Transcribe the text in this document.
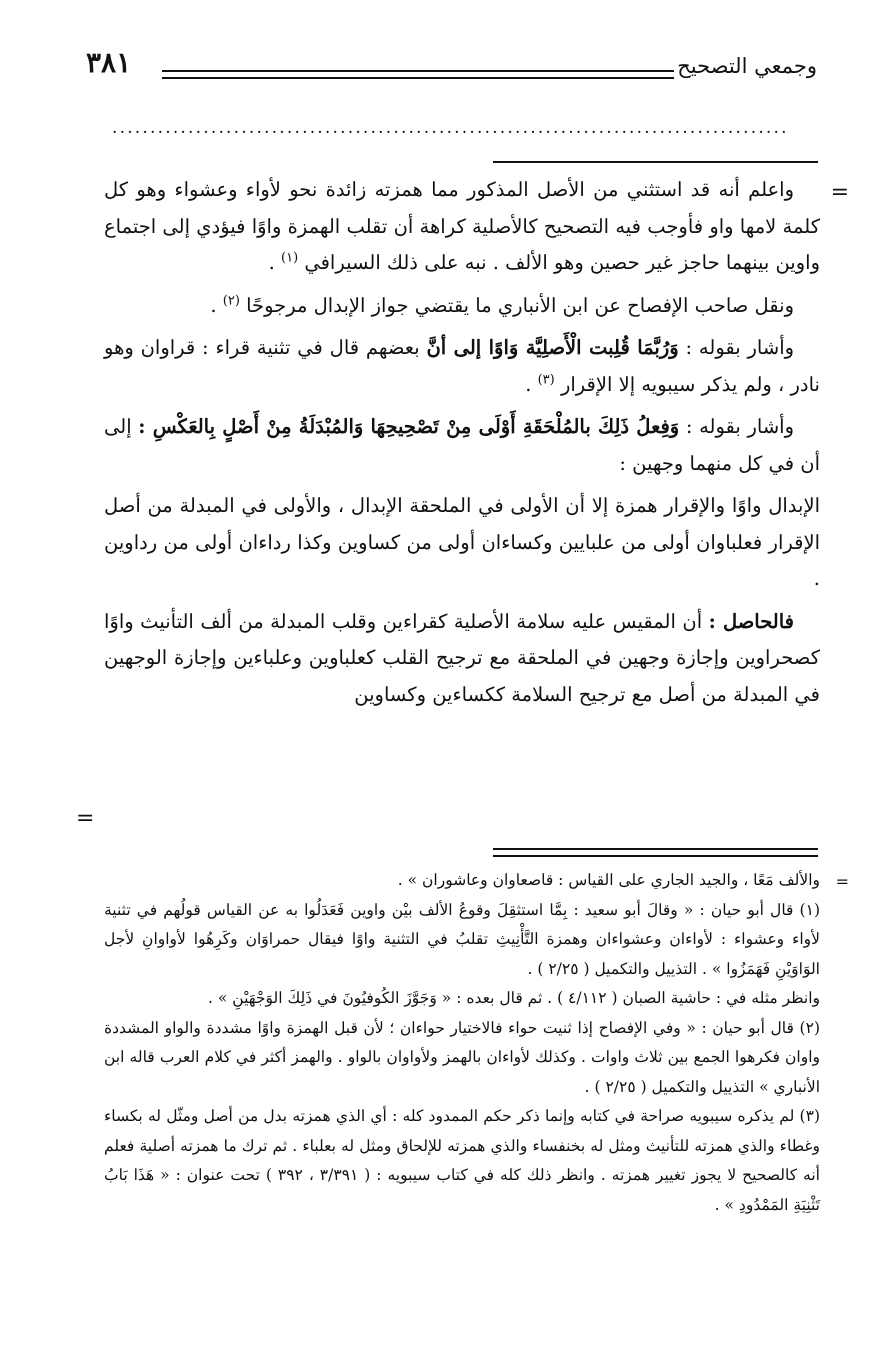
وجمعي التصحيح
٣٨١
.........................................................................................
=

واعلم أنه قد استثني من الأصل المذكور مما همزته زائدة نحو لأواء وعشواء وهو كل كلمة لامها واو فأوجب فيه التصحيح كالأصلية كراهة أن تقلب الهمزة واوًا فيؤدي إلى اجتماع واوين بينهما حاجز غير حصين وهو الألف . نبه على ذلك السيرافي $^{(١)}$ .

ونقل صاحب الإفصاح عن ابن الأنباري ما يقتضي جواز الإبدال مرجوحًا $^{(٢)}$ .

وأشار بقوله : وَرُبَّمَا قُلِبت الْأَصلِيَّة وَاوًا إلى أنَّ بعضهم قال في تثنية قراء : قراوان وهو نادر ، ولم يذكر سيبويه إلا الإقرار $^{(٣)}$ .

وأشار بقوله : وَفِعلُ ذَلِكَ بالمُلْحَقَةِ أَوْلَى مِنْ تَصْحِيحِهَا وَالمُبْدَلَةُ مِنْ أَصْلٍ بِالعَكْسِ : إلى أن في كل منهما وجهين :

الإبدال واوًا والإقرار همزة إلا أن الأولى في الملحقة الإبدال ، والأولى في المبدلة من أصل الإقرار فعلباوان أولى من علبايين وكساءان أولى من كساوين وكذا رداءان أولى من رداوين .

فالحاصل : أن المقيس عليه سلامة الأصلية كقراءين وقلب المبدلة من ألف التأنيث واوًا كصحراوين وإجازة وجهين في الملحقة مع ترجيح القلب كعلباوين وعلباءين وإجازة الوجهين في المبدلة من أصل مع ترجيح السلامة ككساءين وكساوين

=
=

والألف مَعًا ، والجيد الجاري على القياس : قاصعاوان وعاشوران » .

(١) قال أبو حيان : « وقالَ أبو سعيد : بِمَّا استثقِلَ وقوعُ الألف بيْن واوين فَعَدَلُوا به عن القياس قولُهم في تثنية لأواء وعشواء : لأواءان وعشواءان وهمزة التَّأْنِيثِ تقلبُ في التثنية واوًا فيقال حمراوَان وكَرِهُوا لأواوانِ لأجل الوَاوَيْنِ فَهَمَزُوا » . التذييل والتكميل ( ٢/٢٥ ) .

وانظر مثله في : حاشية الصبان ( ٤/١١٢ ) . ثم قال بعده : « وَجَوَّزَ الكُوفيُونَ في ذَلِكَ الوَجْهَيْنِ » .

(٢) قال أبو حيان : « وفي الإفصاح إذا ثنيت حواء فالاختيار حواءان ؛ لأن قبل الهمزة واوًا مشددة والواو المشددة واوان فكرهوا الجمع بين ثلاث واوات . وكذلك لأواءان بالهمز ولأواوان بالواو . والهمز أكثر في كلام العرب قاله ابن الأنباري » التذييل والتكميل ( ٢/٢٥ ) .

(٣) لم يذكره سيبويه صراحة في كتابه وإنما ذكر حكم الممدود كله : أي الذي همزته بدل من أصل ومثّل له بكساء وغطاء والذي همزته للتأنيث ومثل له بخنفساء والذي همزته للإلحاق ومثل له بعلباء . ثم ترك ما همزته أصلية فعلم أنه كالصحيح لا يجوز تغيير همزته . وانظر ذلك كله في كتاب سيبويه : ( ٣/٣٩١ ، ٣٩٢ ) تحت عنوان : « هَذَا بَابُ تَثْنِيَةِ المَمْدُودِ » .
